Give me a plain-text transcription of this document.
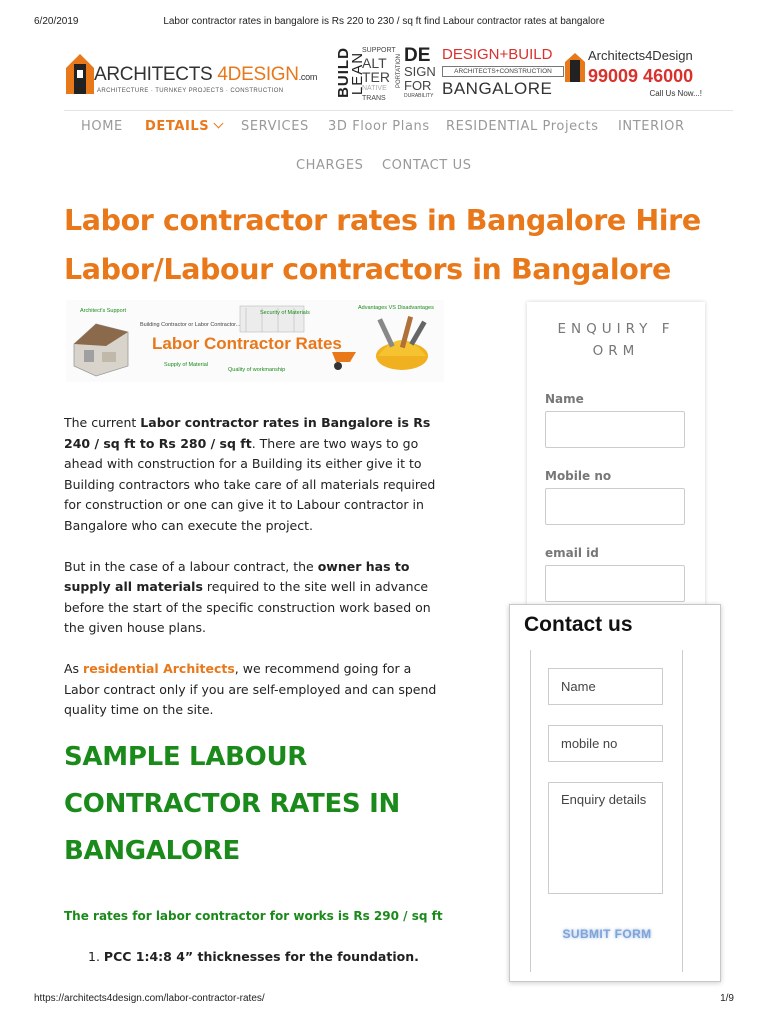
6/20/2019	Labor contractor rates in bangalore is Rs 220 to 230 / sq ft find Labour contractor rates at bangalore
ARCHITECTS 4DESIGN.com
ARCHITECTURE · TURNKEY PROJECTS · CONSTRUCTION	BUILD
LEAN
SUPPORT
ALT
TER
NATIVE
TRANS
PORTATION DE
SIGN
FOR
DURABILITY
DESIGN+BUILD
ARCHITECTS+CONSTRUCTION
BANGALORE
Architects4Design
99009 46000
Call Us Now...!
HOME DETAILS	SERVICES 3D Floor Plans RESIDENTIAL Projects INTERIOR
CHARGES CONTACT US
Labor contractor rates in Bangalore Hire Labor/Labour contractors in Bangalore
Architect's Support	Security of Materials
Advantages VS Disadvantages
Building Contractor or Labor Contractor...
Labor Contractor Rates
Supply of Material
Quality of workmanship

The current Labor contractor rates in Bangalore is Rs 240 / sq ft to Rs 280 / sq ft. There are two ways to go ahead with construction for a Building its either give it to Building contractors who take care of all materials required for construction or one can give it to Labour contractor in Bangalore who can execute the project.

But in the case of a labour contract, the owner has to supply all materials required to the site well in advance before the start of the specific construction work based on the given house plans.

As residential Architects, we recommend going for a Labor contract only if you are self-employed and can spend quality time on the site.

SAMPLE LABOUR CONTRACTOR RATES IN BANGALORE
The rates for labor contractor for works is Rs 290 / sq ft
1. PCC 1:4:8 4” thicknesses for the foundation.
ENQUIRY F ORM
Name
Mobile no
email id
Contact us
Name
mobile no
Enquiry details
SUBMIT FORM
https://architects4design.com/labor-contractor-rates/	1/9
